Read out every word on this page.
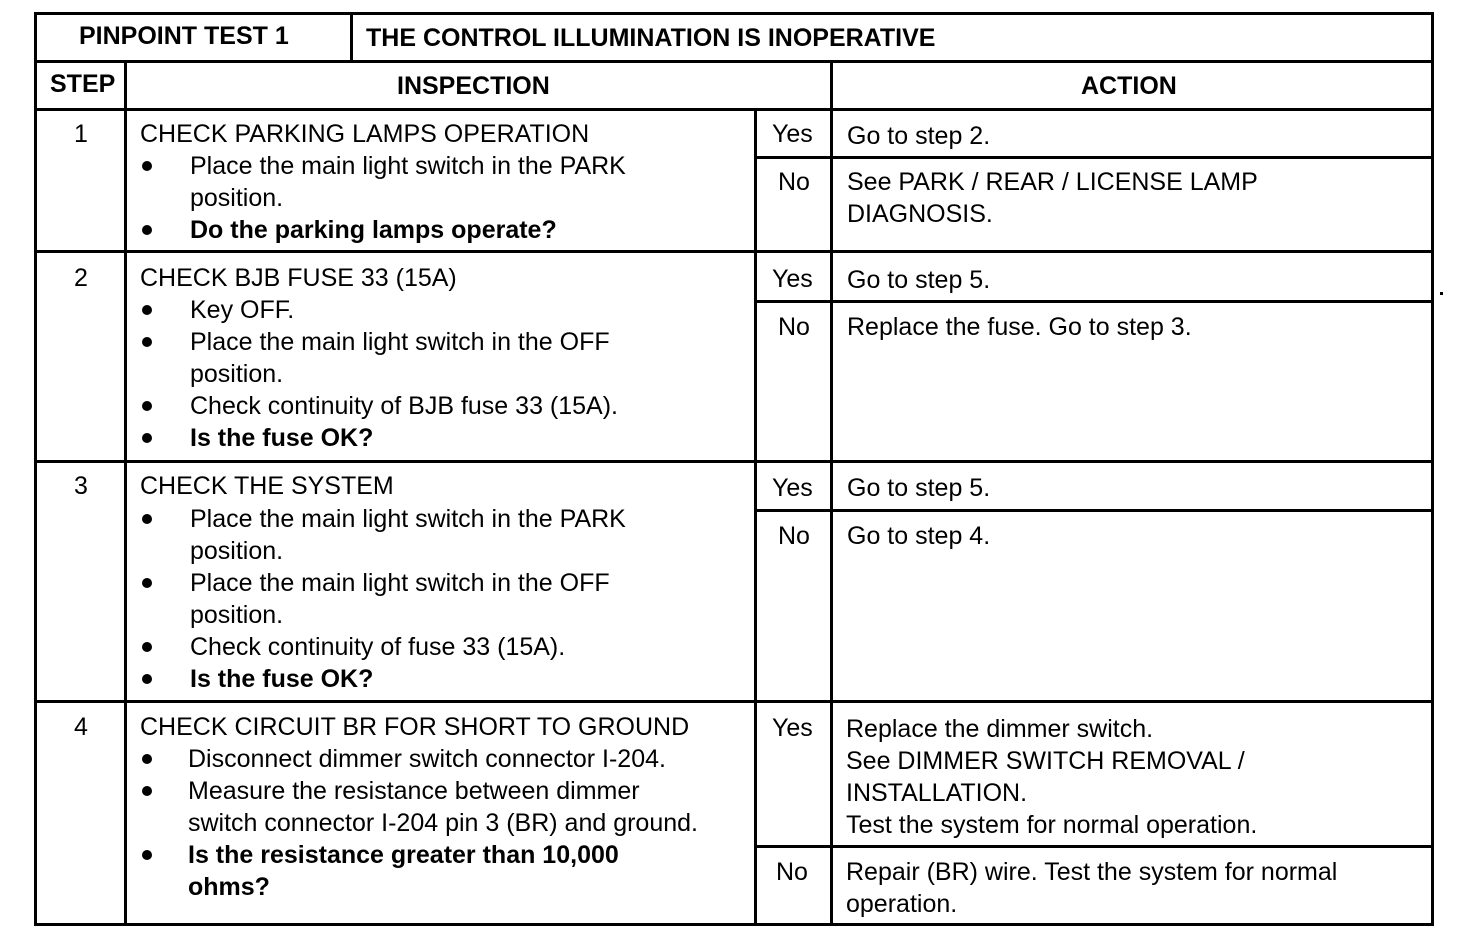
PINPOINT TEST 1	THE CONTROL ILLUMINATION IS INOPERATIVE
STEP	INSPECTION	ACTION
1 CHECK PARKING LAMPS OPERATION
Place the main light switch in the PARK
position.
Do the parking lamps operate?
Yes Go to step 2.
No See PARK / REAR / LICENSE LAMP
DIAGNOSIS.
2 CHECK BJB FUSE 33 (15A)
Key OFF.
Place the main light switch in the OFF
position.
Check continuity of BJB fuse 33 (15A).
Is the fuse OK?
Yes Go to step 5.
No Replace the fuse. Go to step 3.
3 CHECK THE SYSTEM
Place the main light switch in the PARK
position.
Place the main light switch in the OFF
position.
Check continuity of fuse 33 (15A).
Is the fuse OK?
Yes Go to step 5.
No Go to step 4.
4 CHECK CIRCUIT BR FOR SHORT TO GROUND
Disconnect dimmer switch connector I-204.
Measure the resistance between dimmer
switch connector I-204 pin 3 (BR) and ground.
Is the resistance greater than 10,000
ohms?
Yes Replace the dimmer switch.
See DIMMER SWITCH REMOVAL /
INSTALLATION.
Test the system for normal operation.
No Repair (BR) wire. Test the system for normal
operation.
